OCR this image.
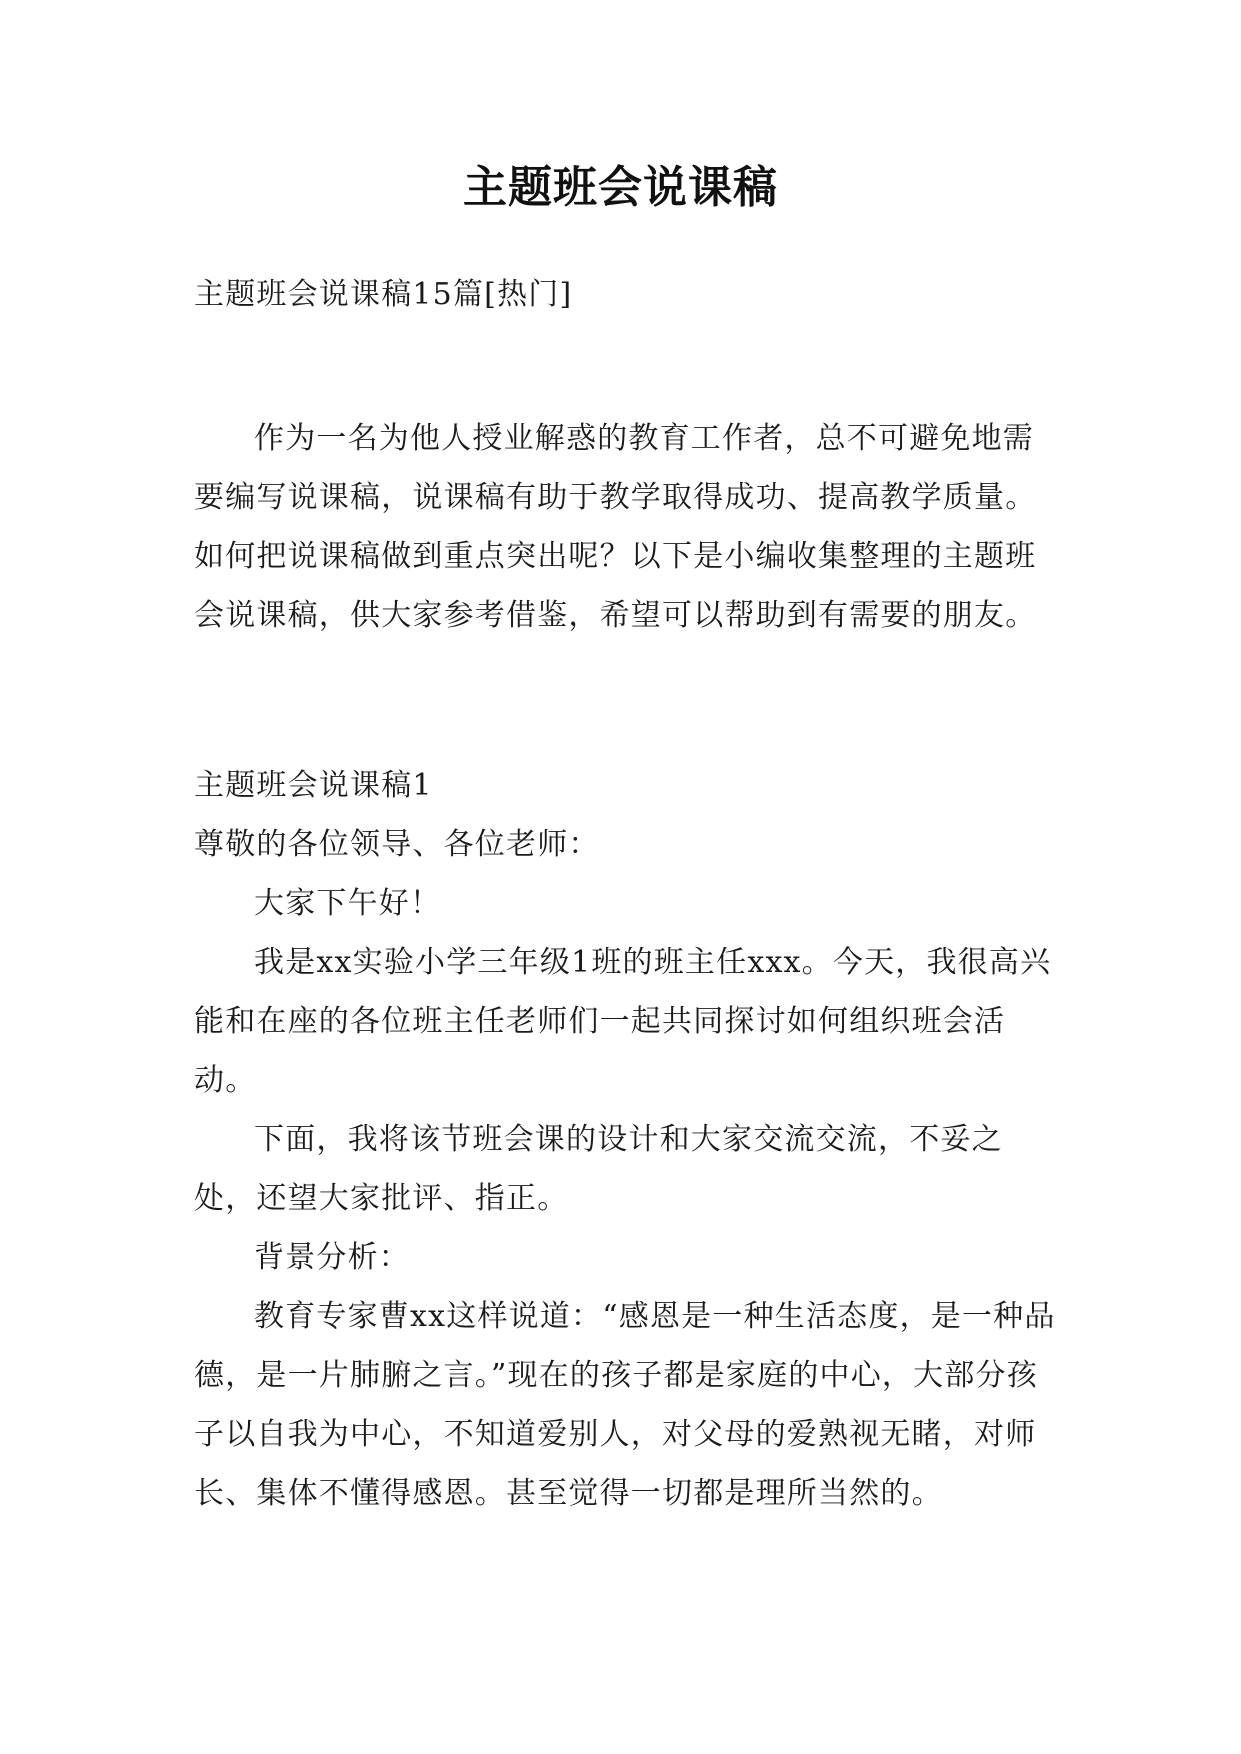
主题班会说课稿

主题班会说课稿15篇[热门]

作为一名为他人授业解惑的教育工作者，总不可避免地需要编写说课稿，说课稿有助于教学取得成功、提高教学质量。如何把说课稿做到重点突出呢？以下是小编收集整理的主题班会说课稿，供大家参考借鉴，希望可以帮助到有需要的朋友。

主题班会说课稿1

尊敬的各位领导、各位老师：

大家下午好！

我是xx实验小学三年级1班的班主任xxx。今天，我很高兴能和在座的各位班主任老师们一起共同探讨如何组织班会活动。

下面，我将该节班会课的设计和大家交流交流，不妥之处，还望大家批评、指正。

背景分析：

教育专家曹xx这样说道：“感恩是一种生活态度，是一种品德，是一片肺腑之言。”现在的孩子都是家庭的中心，大部分孩子以自我为中心，不知道爱别人，对父母的爱熟视无睹，对师长、集体不懂得感恩。甚至觉得一切都是理所当然的。
